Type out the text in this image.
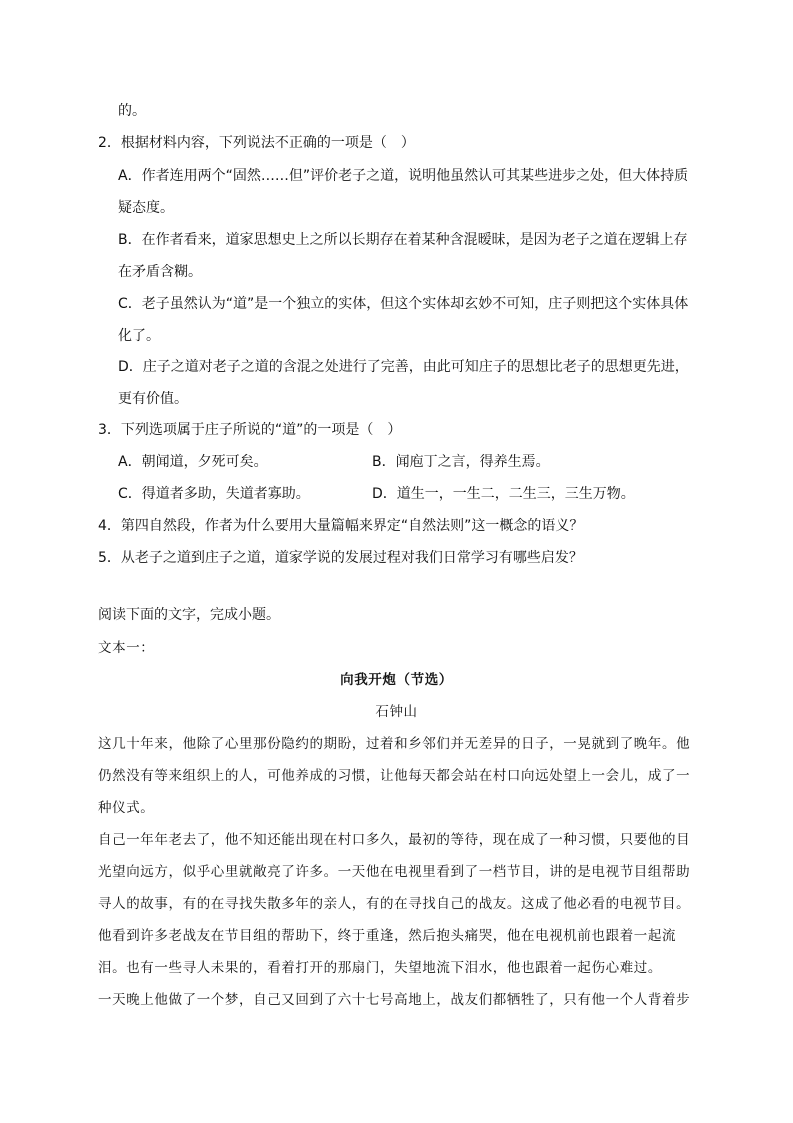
的。
2．根据材料内容，下列说法不正确的一项是（　）
A．作者连用两个“固然……但”评价老子之道，说明他虽然认可其某些进步之处，但大体持质
疑态度。
B．在作者看来，道家思想史上之所以长期存在着某种含混暧昧，是因为老子之道在逻辑上存
在矛盾含糊。
C．老子虽然认为“道”是一个独立的实体，但这个实体却玄妙不可知，庄子则把这个实体具体
化了。
D．庄子之道对老子之道的含混之处进行了完善，由此可知庄子的思想比老子的思想更先进，
更有价值。
3．下列选项属于庄子所说的“道”的一项是（　）
A．朝闻道，夕死可矣。	B．闻庖丁之言，得养生焉。
C．得道者多助，失道者寡助。	D．道生一，一生二，二生三，三生万物。
4．第四自然段，作者为什么要用大量篇幅来界定“自然法则”这一概念的语义？
5．从老子之道到庄子之道，道家学说的发展过程对我们日常学习有哪些启发？
阅读下面的文字，完成小题。
文本一：
向我开炮（节选）
石钟山
这几十年来，他除了心里那份隐约的期盼，过着和乡邻们并无差异的日子，一晃就到了晚年。他
仍然没有等来组织上的人，可他养成的习惯，让他每天都会站在村口向远处望上一会儿，成了一
种仪式。
自己一年年老去了，他不知还能出现在村口多久，最初的等待，现在成了一种习惯，只要他的目
光望向远方，似乎心里就敞亮了许多。一天他在电视里看到了一档节目，讲的是电视节目组帮助
寻人的故事，有的在寻找失散多年的亲人，有的在寻找自己的战友。这成了他必看的电视节目。
他看到许多老战友在节目组的帮助下，终于重逢，然后抱头痛哭，他在电视机前也跟着一起流
泪。也有一些寻人未果的，看着打开的那扇门，失望地流下泪水，他也跟着一起伤心难过。
一天晚上他做了一个梦，自己又回到了六十七号高地上，战友们都牺牲了，只有他一个人背着步
